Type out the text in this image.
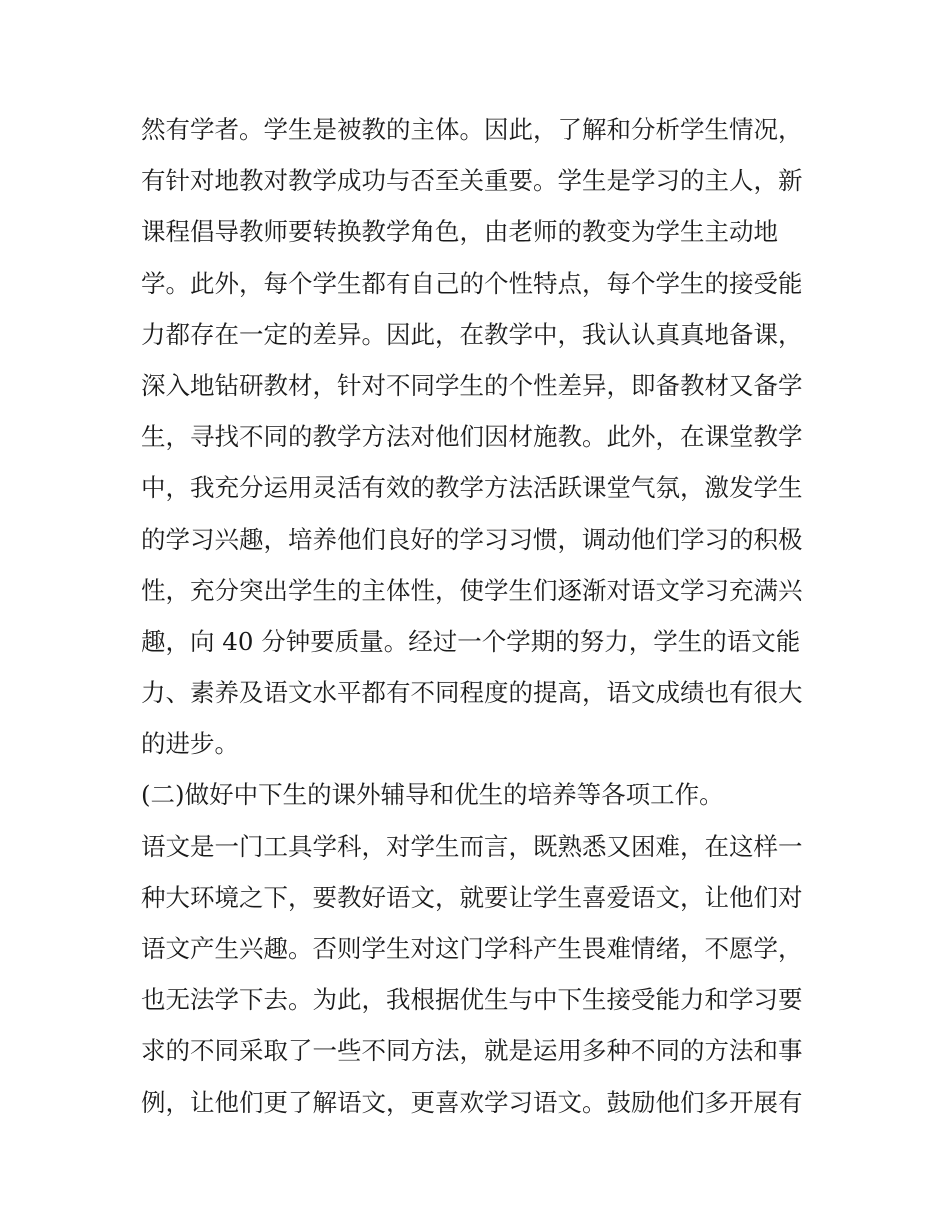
然有学者。学生是被教的主体。因此，了解和分析学生情况，
有针对地教对教学成功与否至关重要。学生是学习的主人，新
课程倡导教师要转换教学角色，由老师的教变为学生主动地
学。此外，每个学生都有自己的个性特点，每个学生的接受能
力都存在一定的差异。因此，在教学中，我认认真真地备课，
深入地钻研教材，针对不同学生的个性差异，即备教材又备学
生，寻找不同的教学方法对他们因材施教。此外，在课堂教学
中，我充分运用灵活有效的教学方法活跃课堂气氛，激发学生
的学习兴趣，培养他们良好的学习习惯，调动他们学习的积极
性，充分突出学生的主体性，使学生们逐渐对语文学习充满兴
趣，向 40 分钟要质量。经过一个学期的努力，学生的语文能
力、素养及语文水平都有不同程度的提高，语文成绩也有很大
的进步。
(二)做好中下生的课外辅导和优生的培养等各项工作。
语文是一门工具学科，对学生而言，既熟悉又困难，在这样一
种大环境之下，要教好语文，就要让学生喜爱语文，让他们对
语文产生兴趣。否则学生对这门学科产生畏难情绪，不愿学，
也无法学下去。为此，我根据优生与中下生接受能力和学习要
求的不同采取了一些不同方法，就是运用多种不同的方法和事
例，让他们更了解语文，更喜欢学习语文。鼓励他们多开展有
